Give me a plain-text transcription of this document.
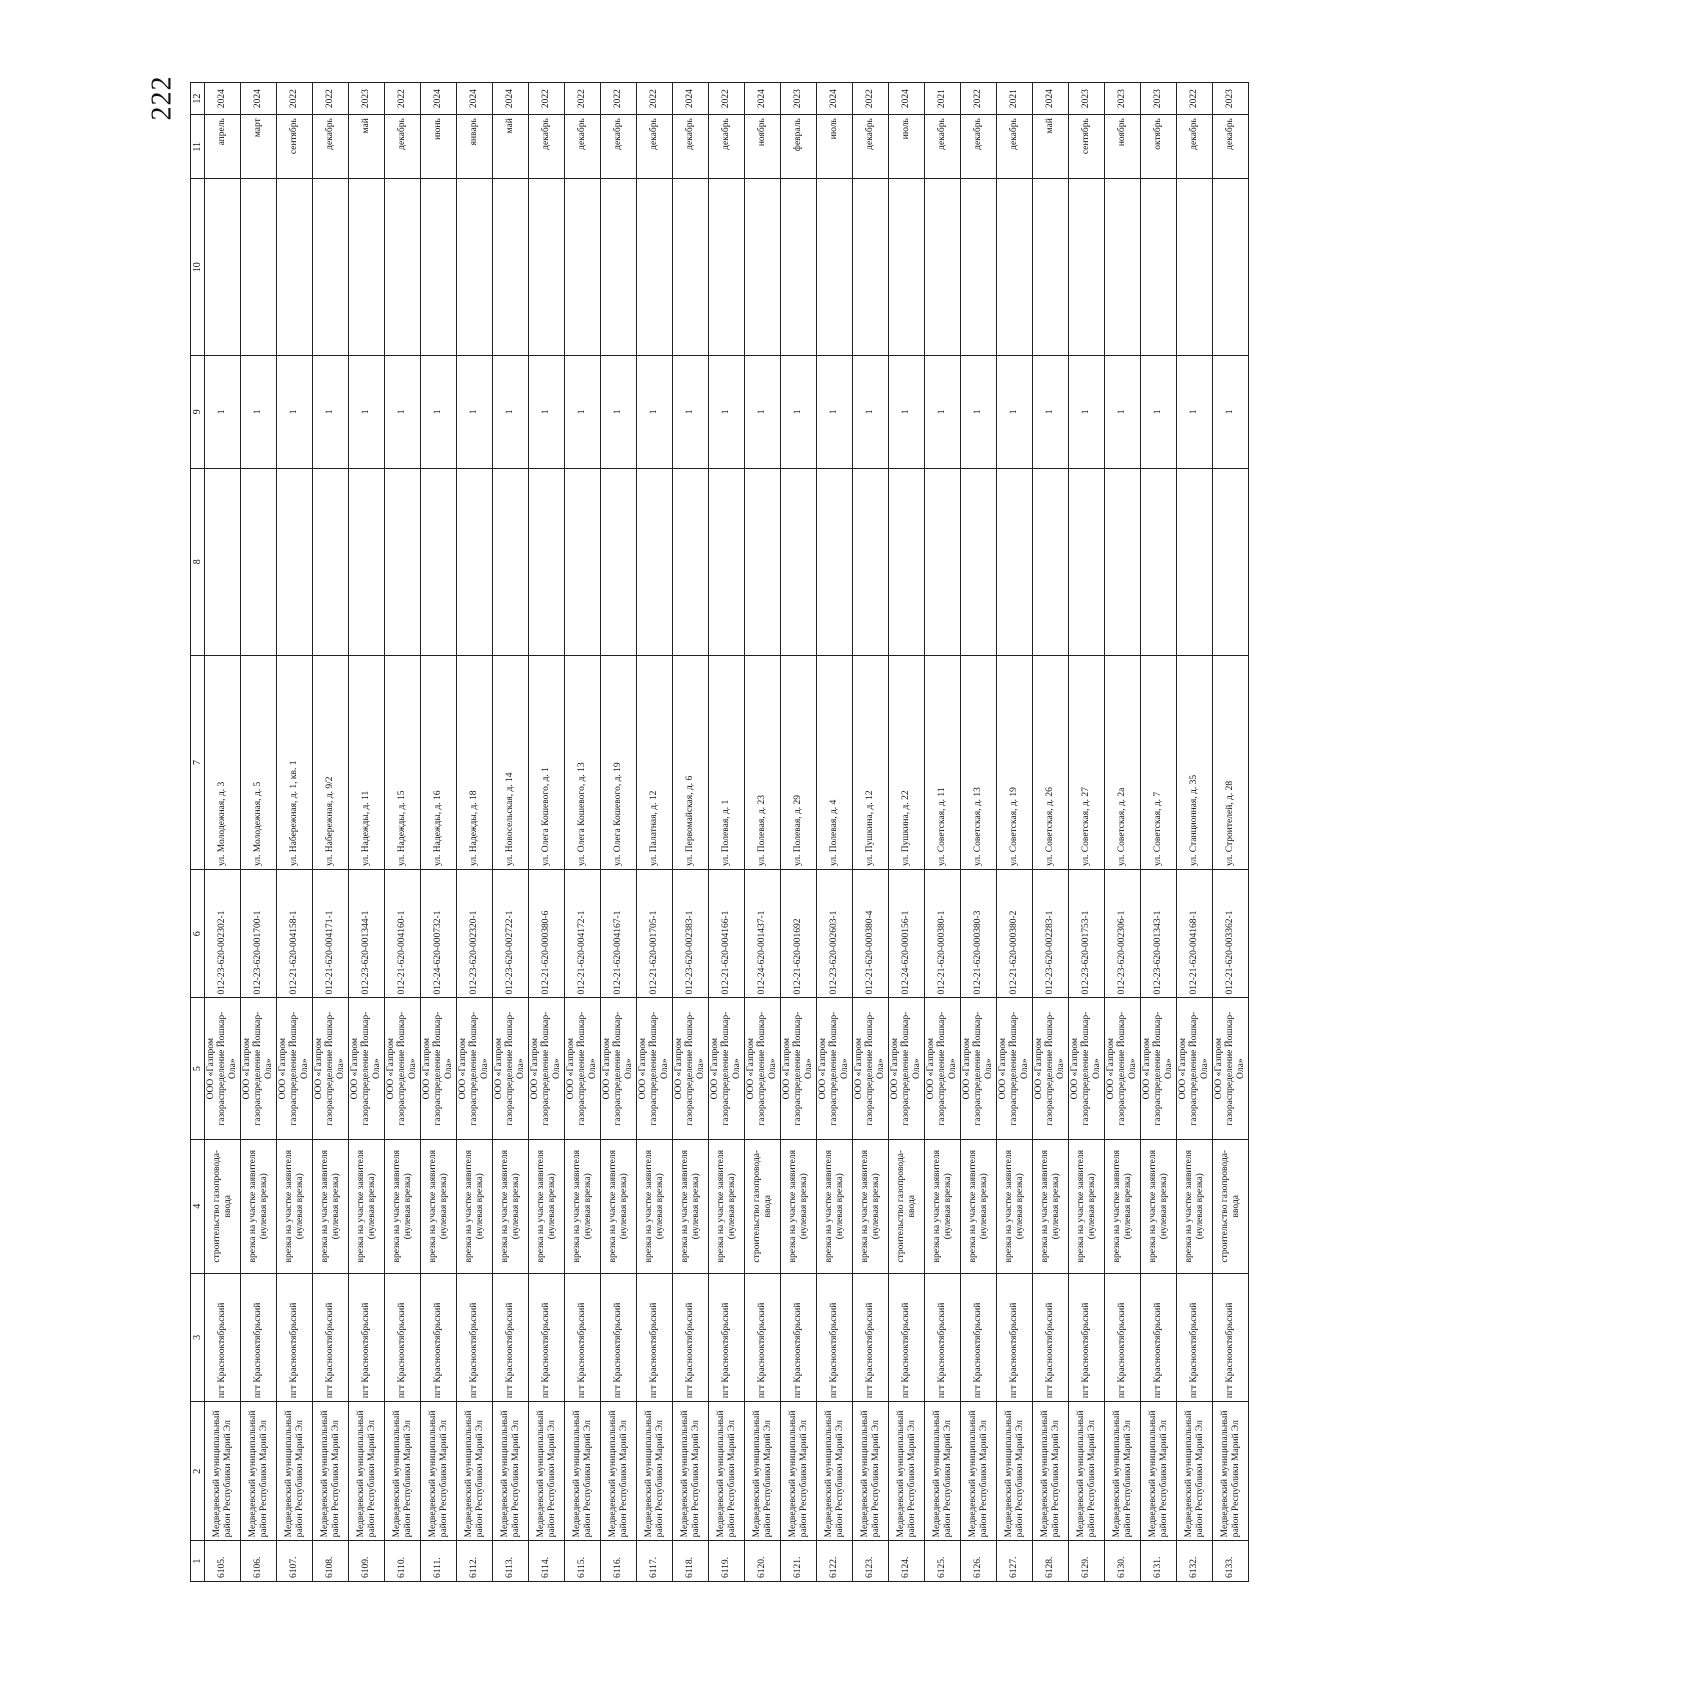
222
1	2	3	4	5	6	7	8	9	10	11	12
6105.	Медведевский муниципальный район Республики Марий Эл	пгт Краснооктябрьский	строительство газопровода-ввода	ООО «Газпром газораспределение Йошкар-Ола»	012-23-620-002302-1	ул. Молодежная, д. 3		1		апрель	2024
6106.	Медведевский муниципальный район Республики Марий Эл	пгт Краснооктябрьский	врезка на участке заявителя (нулевая врезка)	ООО «Газпром газораспределение Йошкар-Ола»	012-23-620-001700-1	ул. Молодежная, д. 5		1		март	2024
6107.	Медведевский муниципальный район Республики Марий Эл	пгт Краснооктябрьский	врезка на участке заявителя (нулевая врезка)	ООО «Газпром газораспределение Йошкар-Ола»	012-21-620-004158-1	ул. Набережная, д. 1, кв. 1		1		сентябрь	2022
6108.	Медведевский муниципальный район Республики Марий Эл	пгт Краснооктябрьский	врезка на участке заявителя (нулевая врезка)	ООО «Газпром газораспределение Йошкар-Ола»	012-21-620-004171-1	ул. Набережная, д. 9/2		1		декабрь	2022
6109.	Медведевский муниципальный район Республики Марий Эл	пгт Краснооктябрьский	врезка на участке заявителя (нулевая врезка)	ООО «Газпром газораспределение Йошкар-Ола»	012-23-620-001344-1	ул. Надежды, д. 11		1		май	2023
6110.	Медведевский муниципальный район Республики Марий Эл	пгт Краснооктябрьский	врезка на участке заявителя (нулевая врезка)	ООО «Газпром газораспределение Йошкар-Ола»	012-21-620-004160-1	ул. Надежды, д. 15		1		декабрь	2022
6111.	Медведевский муниципальный район Республики Марий Эл	пгт Краснооктябрьский	врезка на участке заявителя (нулевая врезка)	ООО «Газпром газораспределение Йошкар-Ола»	012-24-620-000732-1	ул. Надежды, д. 16		1		июнь	2024
6112.	Медведевский муниципальный район Республики Марий Эл	пгт Краснооктябрьский	врезка на участке заявителя (нулевая врезка)	ООО «Газпром газораспределение Йошкар-Ола»	012-23-620-002320-1	ул. Надежды, д. 18		1		январь	2024
6113.	Медведевский муниципальный район Республики Марий Эл	пгт Краснооктябрьский	врезка на участке заявителя (нулевая врезка)	ООО «Газпром газораспределение Йошкар-Ола»	012-23-620-002722-1	ул. Новосельская, д. 14		1		май	2024
6114.	Медведевский муниципальный район Республики Марий Эл	пгт Краснооктябрьский	врезка на участке заявителя (нулевая врезка)	ООО «Газпром газораспределение Йошкар-Ола»	012-21-620-000380-6	ул. Олега Кошевого, д. 1		1		декабрь	2022
6115.	Медведевский муниципальный район Республики Марий Эл	пгт Краснооктябрьский	врезка на участке заявителя (нулевая врезка)	ООО «Газпром газораспределение Йошкар-Ола»	012-21-620-004172-1	ул. Олега Кошевого, д. 13		1		декабрь	2022
6116.	Медведевский муниципальный район Республики Марий Эл	пгт Краснооктябрьский	врезка на участке заявителя (нулевая врезка)	ООО «Газпром газораспределение Йошкар-Ола»	012-21-620-004167-1	ул. Олега Кошевого, д. 19		1		декабрь	2022
6117.	Медведевский муниципальный район Республики Марий Эл	пгт Краснооктябрьский	врезка на участке заявителя (нулевая врезка)	ООО «Газпром газораспределение Йошкар-Ола»	012-21-620-001705-1	ул. Палатная, д. 12		1		декабрь	2022
6118.	Медведевский муниципальный район Республики Марий Эл	пгт Краснооктябрьский	врезка на участке заявителя (нулевая врезка)	ООО «Газпром газораспределение Йошкар-Ола»	012-23-620-002383-1	ул. Первомайская, д. 6		1		декабрь	2024
6119.	Медведевский муниципальный район Республики Марий Эл	пгт Краснооктябрьский	врезка на участке заявителя (нулевая врезка)	ООО «Газпром газораспределение Йошкар-Ола»	012-21-620-004166-1	ул. Полевая, д. 1		1		декабрь	2022
6120.	Медведевский муниципальный район Республики Марий Эл	пгт Краснооктябрьский	строительство газопровода-ввода	ООО «Газпром газораспределение Йошкар-Ола»	012-24-620-001437-1	ул. Полевая, д. 23		1		ноябрь	2024
6121.	Медведевский муниципальный район Республики Марий Эл	пгт Краснооктябрьский	врезка на участке заявителя (нулевая врезка)	ООО «Газпром газораспределение Йошкар-Ола»	012-21-620-001692	ул. Полевая, д. 29		1		февраль	2023
6122.	Медведевский муниципальный район Республики Марий Эл	пгт Краснооктябрьский	врезка на участке заявителя (нулевая врезка)	ООО «Газпром газораспределение Йошкар-Ола»	012-23-620-002603-1	ул. Полевая, д. 4		1		июль	2024
6123.	Медведевский муниципальный район Республики Марий Эл	пгт Краснооктябрьский	врезка на участке заявителя (нулевая врезка)	ООО «Газпром газораспределение Йошкар-Ола»	012-21-620-000380-4	ул. Пушкина, д. 12		1		декабрь	2022
6124.	Медведевский муниципальный район Республики Марий Эл	пгт Краснооктябрьский	строительство газопровода-ввода	ООО «Газпром газораспределение Йошкар-Ола»	012-24-620-000156-1	ул. Пушкина, д. 22		1		июль	2024
6125.	Медведевский муниципальный район Республики Марий Эл	пгт Краснооктябрьский	врезка на участке заявителя (нулевая врезка)	ООО «Газпром газораспределение Йошкар-Ола»	012-21-620-000380-1	ул. Советская, д. 11		1		декабрь	2021
6126.	Медведевский муниципальный район Республики Марий Эл	пгт Краснооктябрьский	врезка на участке заявителя (нулевая врезка)	ООО «Газпром газораспределение Йошкар-Ола»	012-21-620-000380-3	ул. Советская, д. 13		1		декабрь	2022
6127.	Медведевский муниципальный район Республики Марий Эл	пгт Краснооктябрьский	врезка на участке заявителя (нулевая врезка)	ООО «Газпром газораспределение Йошкар-Ола»	012-21-620-000380-2	ул. Советская, д. 19		1		декабрь	2021
6128.	Медведевский муниципальный район Республики Марий Эл	пгт Краснооктябрьский	врезка на участке заявителя (нулевая врезка)	ООО «Газпром газораспределение Йошкар-Ола»	012-23-620-002283-1	ул. Советская, д. 26		1		май	2024
6129.	Медведевский муниципальный район Республики Марий Эл	пгт Краснооктябрьский	врезка на участке заявителя (нулевая врезка)	ООО «Газпром газораспределение Йошкар-Ола»	012-23-620-001753-1	ул. Советская, д. 27		1		сентябрь	2023
6130.	Медведевский муниципальный район Республики Марий Эл	пгт Краснооктябрьский	врезка на участке заявителя (нулевая врезка)	ООО «Газпром газораспределение Йошкар-Ола»	012-23-620-002306-1	ул. Советская, д. 2а		1		ноябрь	2023
6131.	Медведевский муниципальный район Республики Марий Эл	пгт Краснооктябрьский	врезка на участке заявителя (нулевая врезка)	ООО «Газпром газораспределение Йошкар-Ола»	012-23-620-001343-1	ул. Советская, д. 7		1		октябрь	2023
6132.	Медведевский муниципальный район Республики Марий Эл	пгт Краснооктябрьский	врезка на участке заявителя (нулевая врезка)	ООО «Газпром газораспределение Йошкар-Ола»	012-21-620-004168-1	ул. Станционная, д. 35		1		декабрь	2022
6133.	Медведевский муниципальный район Республики Марий Эл	пгт Краснооктябрьский	строительство газопровода-ввода	ООО «Газпром газораспределение Йошкар-Ола»	012-21-620-003362-1	ул. Строителей, д. 28		1		декабрь	2023
